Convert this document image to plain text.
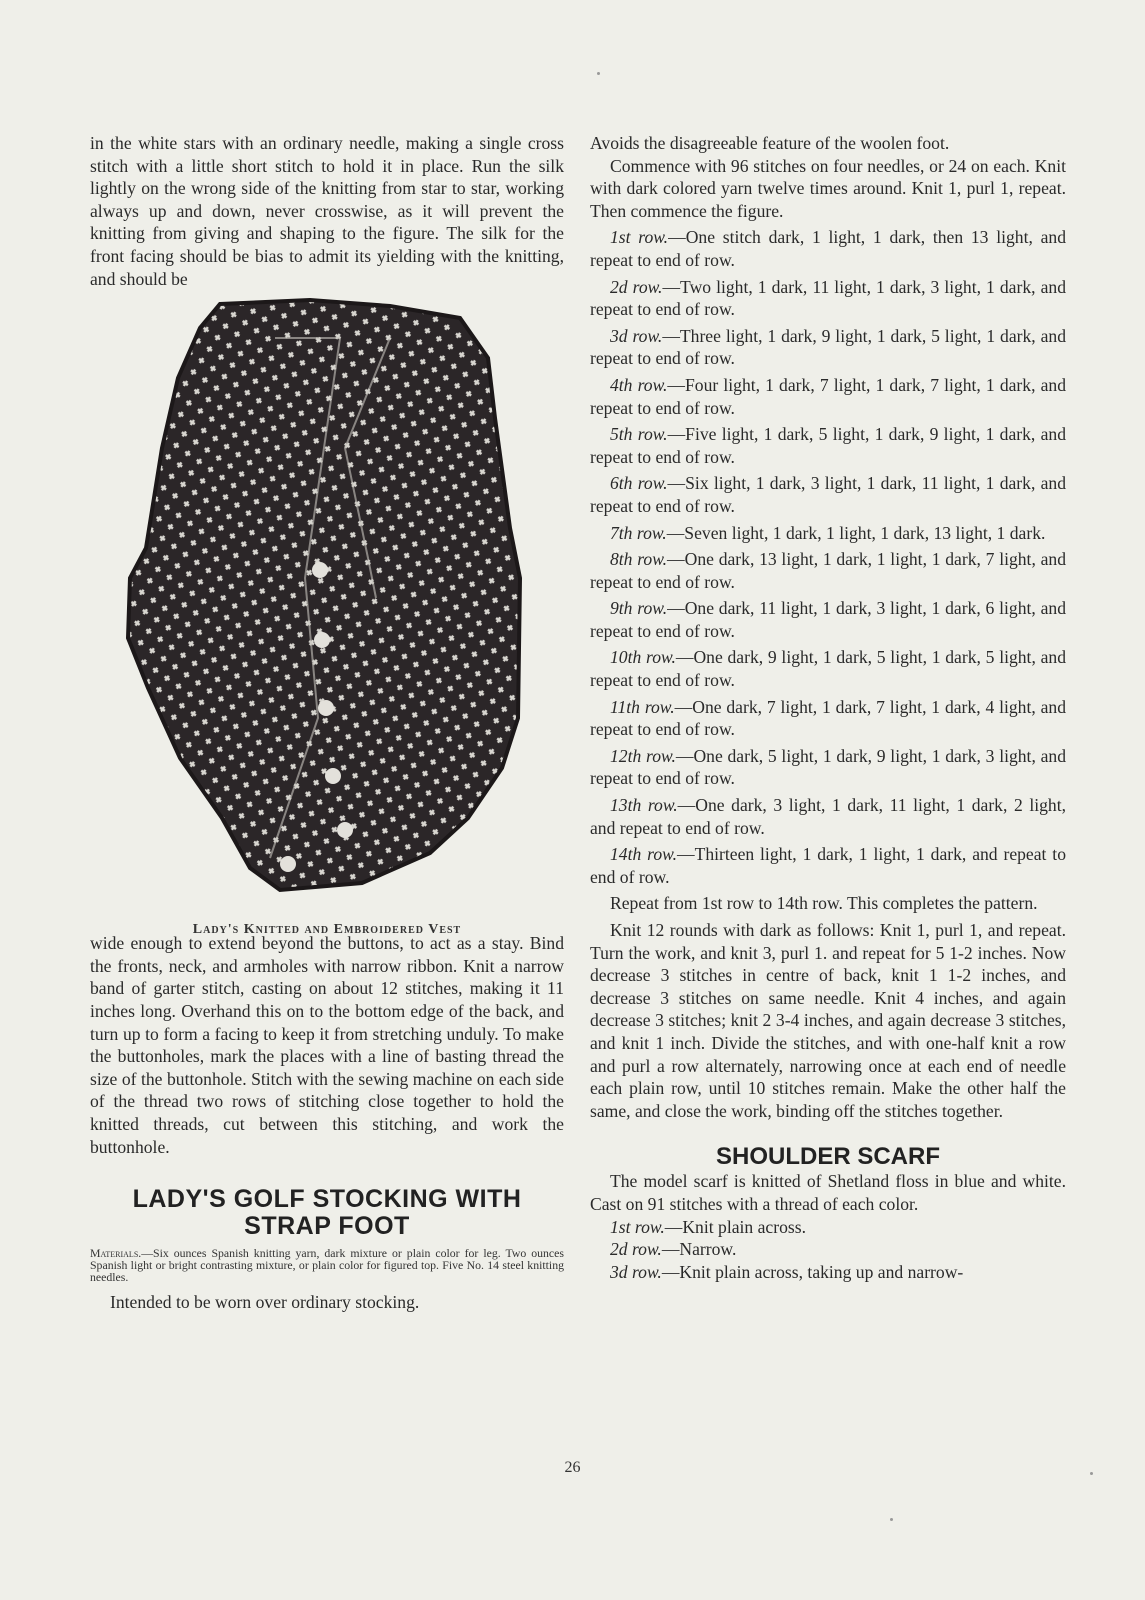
in the white stars with an ordinary needle, making a single cross stitch with a little short stitch to hold it in place. Run the silk lightly on the wrong side of the knitting from star to star, working always up and down, never crosswise, as it will prevent the knitting from giving and shaping to the figure. The silk for the front facing should be bias to admit its yielding with the knitting, and should be

Lady's Knitted and Embroidered Vest

wide enough to extend beyond the buttons, to act as a stay. Bind the fronts, neck, and armholes with narrow ribbon. Knit a narrow band of garter stitch, casting on about 12 stitches, making it 11 inches long. Overhand this on to the bottom edge of the back, and turn up to form a facing to keep it from stretching unduly. To make the buttonholes, mark the places with a line of basting thread the size of the buttonhole. Stitch with the sewing machine on each side of the thread two rows of stitching close together to hold the knitted threads, cut between this stitching, and work the buttonhole.

LADY'S GOLF STOCKING WITH STRAP FOOT
Materials.—Six ounces Spanish knitting yarn, dark mixture or plain color for leg. Two ounces Spanish light or bright contrasting mixture, or plain color for figured top. Five No. 14 steel knitting needles.

Intended to be worn over ordinary stocking.

Avoids the disagreeable feature of the woolen foot.

Commence with 96 stitches on four needles, or 24 on each. Knit with dark colored yarn twelve times around. Knit 1, purl 1, repeat. Then commence the figure.

1st row.—One stitch dark, 1 light, 1 dark, then 13 light, and repeat to end of row.

2d row.—Two light, 1 dark, 11 light, 1 dark, 3 light, 1 dark, and repeat to end of row.

3d row.—Three light, 1 dark, 9 light, 1 dark, 5 light, 1 dark, and repeat to end of row.

4th row.—Four light, 1 dark, 7 light, 1 dark, 7 light, 1 dark, and repeat to end of row.

5th row.—Five light, 1 dark, 5 light, 1 dark, 9 light, 1 dark, and repeat to end of row.

6th row.—Six light, 1 dark, 3 light, 1 dark, 11 light, 1 dark, and repeat to end of row.

7th row.—Seven light, 1 dark, 1 light, 1 dark, 13 light, 1 dark.

8th row.—One dark, 13 light, 1 dark, 1 light, 1 dark, 7 light, and repeat to end of row.

9th row.—One dark, 11 light, 1 dark, 3 light, 1 dark, 6 light, and repeat to end of row.

10th row.—One dark, 9 light, 1 dark, 5 light, 1 dark, 5 light, and repeat to end of row.

11th row.—One dark, 7 light, 1 dark, 7 light, 1 dark, 4 light, and repeat to end of row.

12th row.—One dark, 5 light, 1 dark, 9 light, 1 dark, 3 light, and repeat to end of row.

13th row.—One dark, 3 light, 1 dark, 11 light, 1 dark, 2 light, and repeat to end of row.

14th row.—Thirteen light, 1 dark, 1 light, 1 dark, and repeat to end of row.

Repeat from 1st row to 14th row. This completes the pattern.

Knit 12 rounds with dark as follows: Knit 1, purl 1, and repeat. Turn the work, and knit 3, purl 1. and repeat for 5 1-2 inches. Now decrease 3 stitches in centre of back, knit 1 1-2 inches, and decrease 3 stitches on same needle. Knit 4 inches, and again decrease 3 stitches; knit 2 3-4 inches, and again decrease 3 stitches, and knit 1 inch. Divide the stitches, and with one-half knit a row and purl a row alternately, narrowing once at each end of needle each plain row, until 10 stitches remain. Make the other half the same, and close the work, binding off the stitches together.

SHOULDER SCARF

The model scarf is knitted of Shetland floss in blue and white. Cast on 91 stitches with a thread of each color.

1st row.—Knit plain across.

2d row.—Narrow.

3d row.—Knit plain across, taking up and narrow-

26
